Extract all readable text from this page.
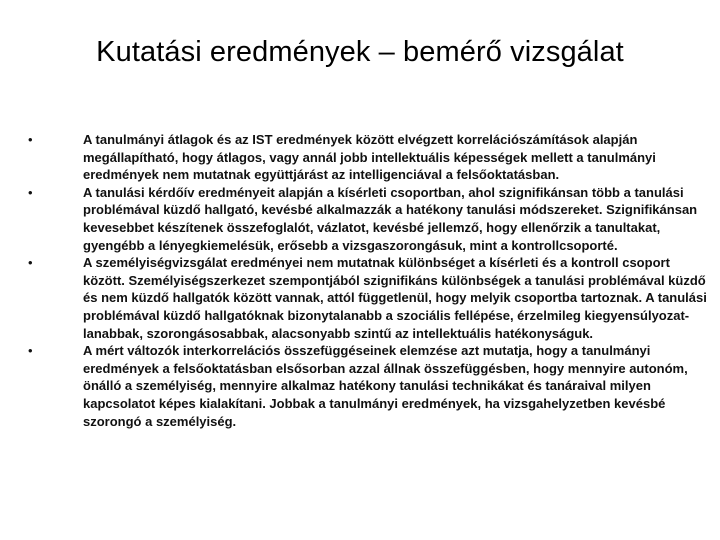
Kutatási eredmények – bemérő vizsgálat
•	A tanulmányi átlagok és az IST eredmények között elvégzett korrelációszámítások alapján megállapítható, hogy átlagos, vagy annál jobb intellektuális képességek mellett a tanulmányi eredmények nem mutatnak együttjárást az intelligenciával a felsőoktatásban.
•	A tanulási kérdőív eredményeit alapján a kísérleti csoportban, ahol szignifikánsan több a tanulási problémával küzdő hallgató, kevésbé alkalmazzák a hatékony tanulási módszereket. Szignifikánsan kevesebbet készítenek összefoglalót, vázlatot, kevésbé jellemző, hogy ellenőrzik a tanultakat, gyengébb a lényegkiemelésük, erősebb a vizsgaszorongásuk, mint a kontrollcsoporté.
•	A személyiségvizsgálat eredményei nem mutatnak különbséget a kísérleti és a kontroll csoport között. Személyiségszerkezet szempontjából szignifikáns különbségek a tanulási problémával küzdő és nem küzdő hallgatók között vannak, attól függetlenül, hogy melyik csoportba tartoznak. A tanulási problémával küzdő hallgatóknak bizonytalanabb a szociális fellépése, érzelmileg kiegyensúlyozat-lanabbak, szorongásosabbak, alacsonyabb szintű az intellektuális hatékonyságuk.
•	A mért változók interkorrelációs összefüggéseinek elemzése azt mutatja, hogy a tanulmányi eredmények a felsőoktatásban elsősorban azzal állnak összefüggésben, hogy mennyire autonóm, önálló a személyiség, mennyire alkalmaz hatékony tanulási technikákat és tanáraival milyen kapcsolatot képes kialakítani. Jobbak a tanulmányi eredmények, ha vizsgahelyzetben kevésbé szorongó a személyiség.
